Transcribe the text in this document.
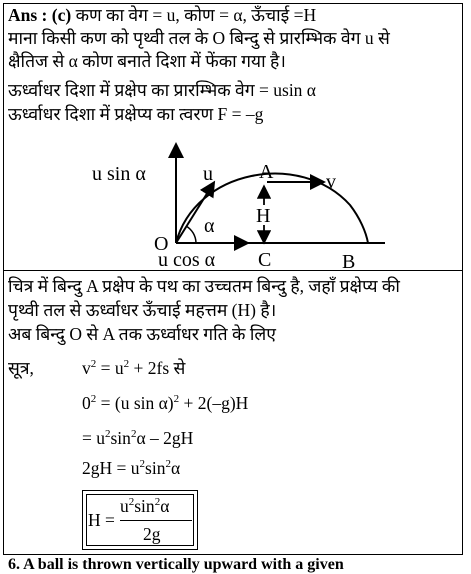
Ans : (c) कण का वेग = u, कोण = α, ऊँचाई =H
माना किसी कण को पृथ्वी तल के O बिन्दु से प्रारम्भिक वेग u से
क्षैतिज से α कोण बनाते दिशा में फेंका गया है।
ऊर्ध्वाधर दिशा में प्रक्षेप का प्रारम्भिक वेग = usin α
ऊर्ध्वाधर दिशा में प्रक्षेप्य का त्वरण F = –g
u sin α	u A	v
H
α
O
u cos α C	B
चित्र में बिन्दु A प्रक्षेप के पथ का उच्चतम बिन्दु है, जहाँ प्रक्षेप्य की
पृथ्वी तल से ऊर्ध्वाधर ऊँचाई महत्तम (H) है।
अब बिन्दु O से A तक ऊर्ध्वाधर गति के लिए
सूत्र,	$v^2 = u^2 + 2fs$ से
$0^2 = (u$ sin α)$^2$ + 2(–g)H
= $u^2\sin^2\alpha - 2gH$
$2gH = u^2\sin^2\alpha$
H =
$u^2\sin^2\alpha$
2g
6. A ball is thrown vertically upward with a given
